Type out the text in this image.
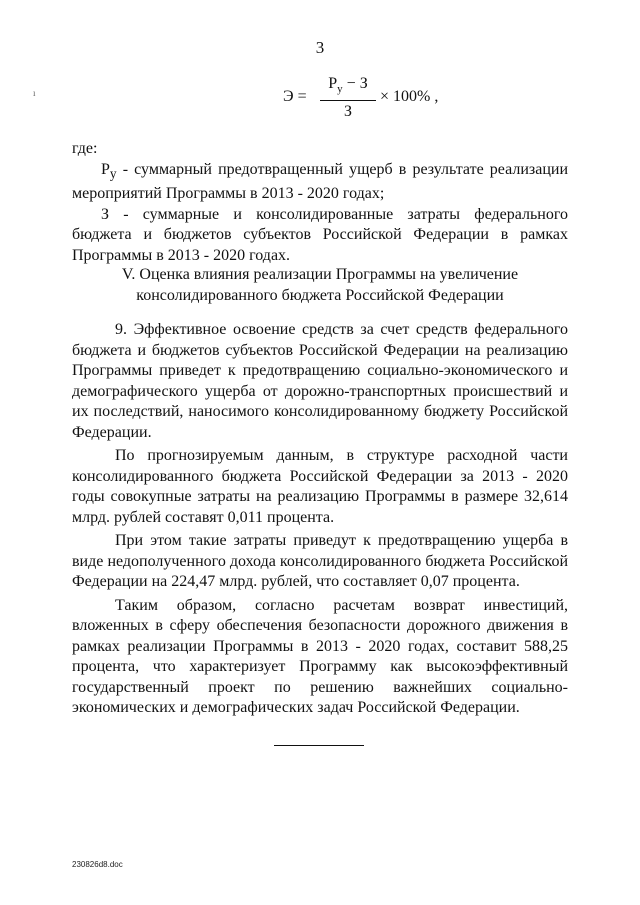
3
ı	Э =
$Р_у - З$
З
× 100% ,

где:

$Р_у$ - суммарный предотвращенный ущерб в результате реализации мероприятий Программы в 2013 - 2020 годах;

З - суммарные и консолидированные затраты федерального бюджета и бюджетов субъектов Российской Федерации в рамках Программы в 2013 - 2020 годах.

V. Оценка влияния реализации Программы на увеличение
консолидированного бюджета Российской Федерации

9. Эффективное освоение средств за счет средств федерального бюджета и бюджетов субъектов Российской Федерации на реализацию Программы приведет к предотвращению социально-экономического и демографического ущерба от дорожно-транспортных происшествий и их последствий, наносимого консолидированному бюджету Российской Федерации.

По прогнозируемым данным, в структуре расходной части консолидированного бюджета Российской Федерации за 2013 - 2020 годы совокупные затраты на реализацию Программы в размере 32,614 млрд. рублей составят 0,011 процента.

При этом такие затраты приведут к предотвращению ущерба в виде недополученного дохода консолидированного бюджета Российской Федерации на 224,47 млрд. рублей, что составляет 0,07 процента.

Таким образом, согласно расчетам возврат инвестиций, вложенных в сферу обеспечения безопасности дорожного движения в рамках реализации Программы в 2013 - 2020 годах, составит 588,25 процента, что характеризует Программу как высокоэффективный государственный проект по решению важнейших социально-экономических и демографических задач Российской Федерации.

230826d8.doc
